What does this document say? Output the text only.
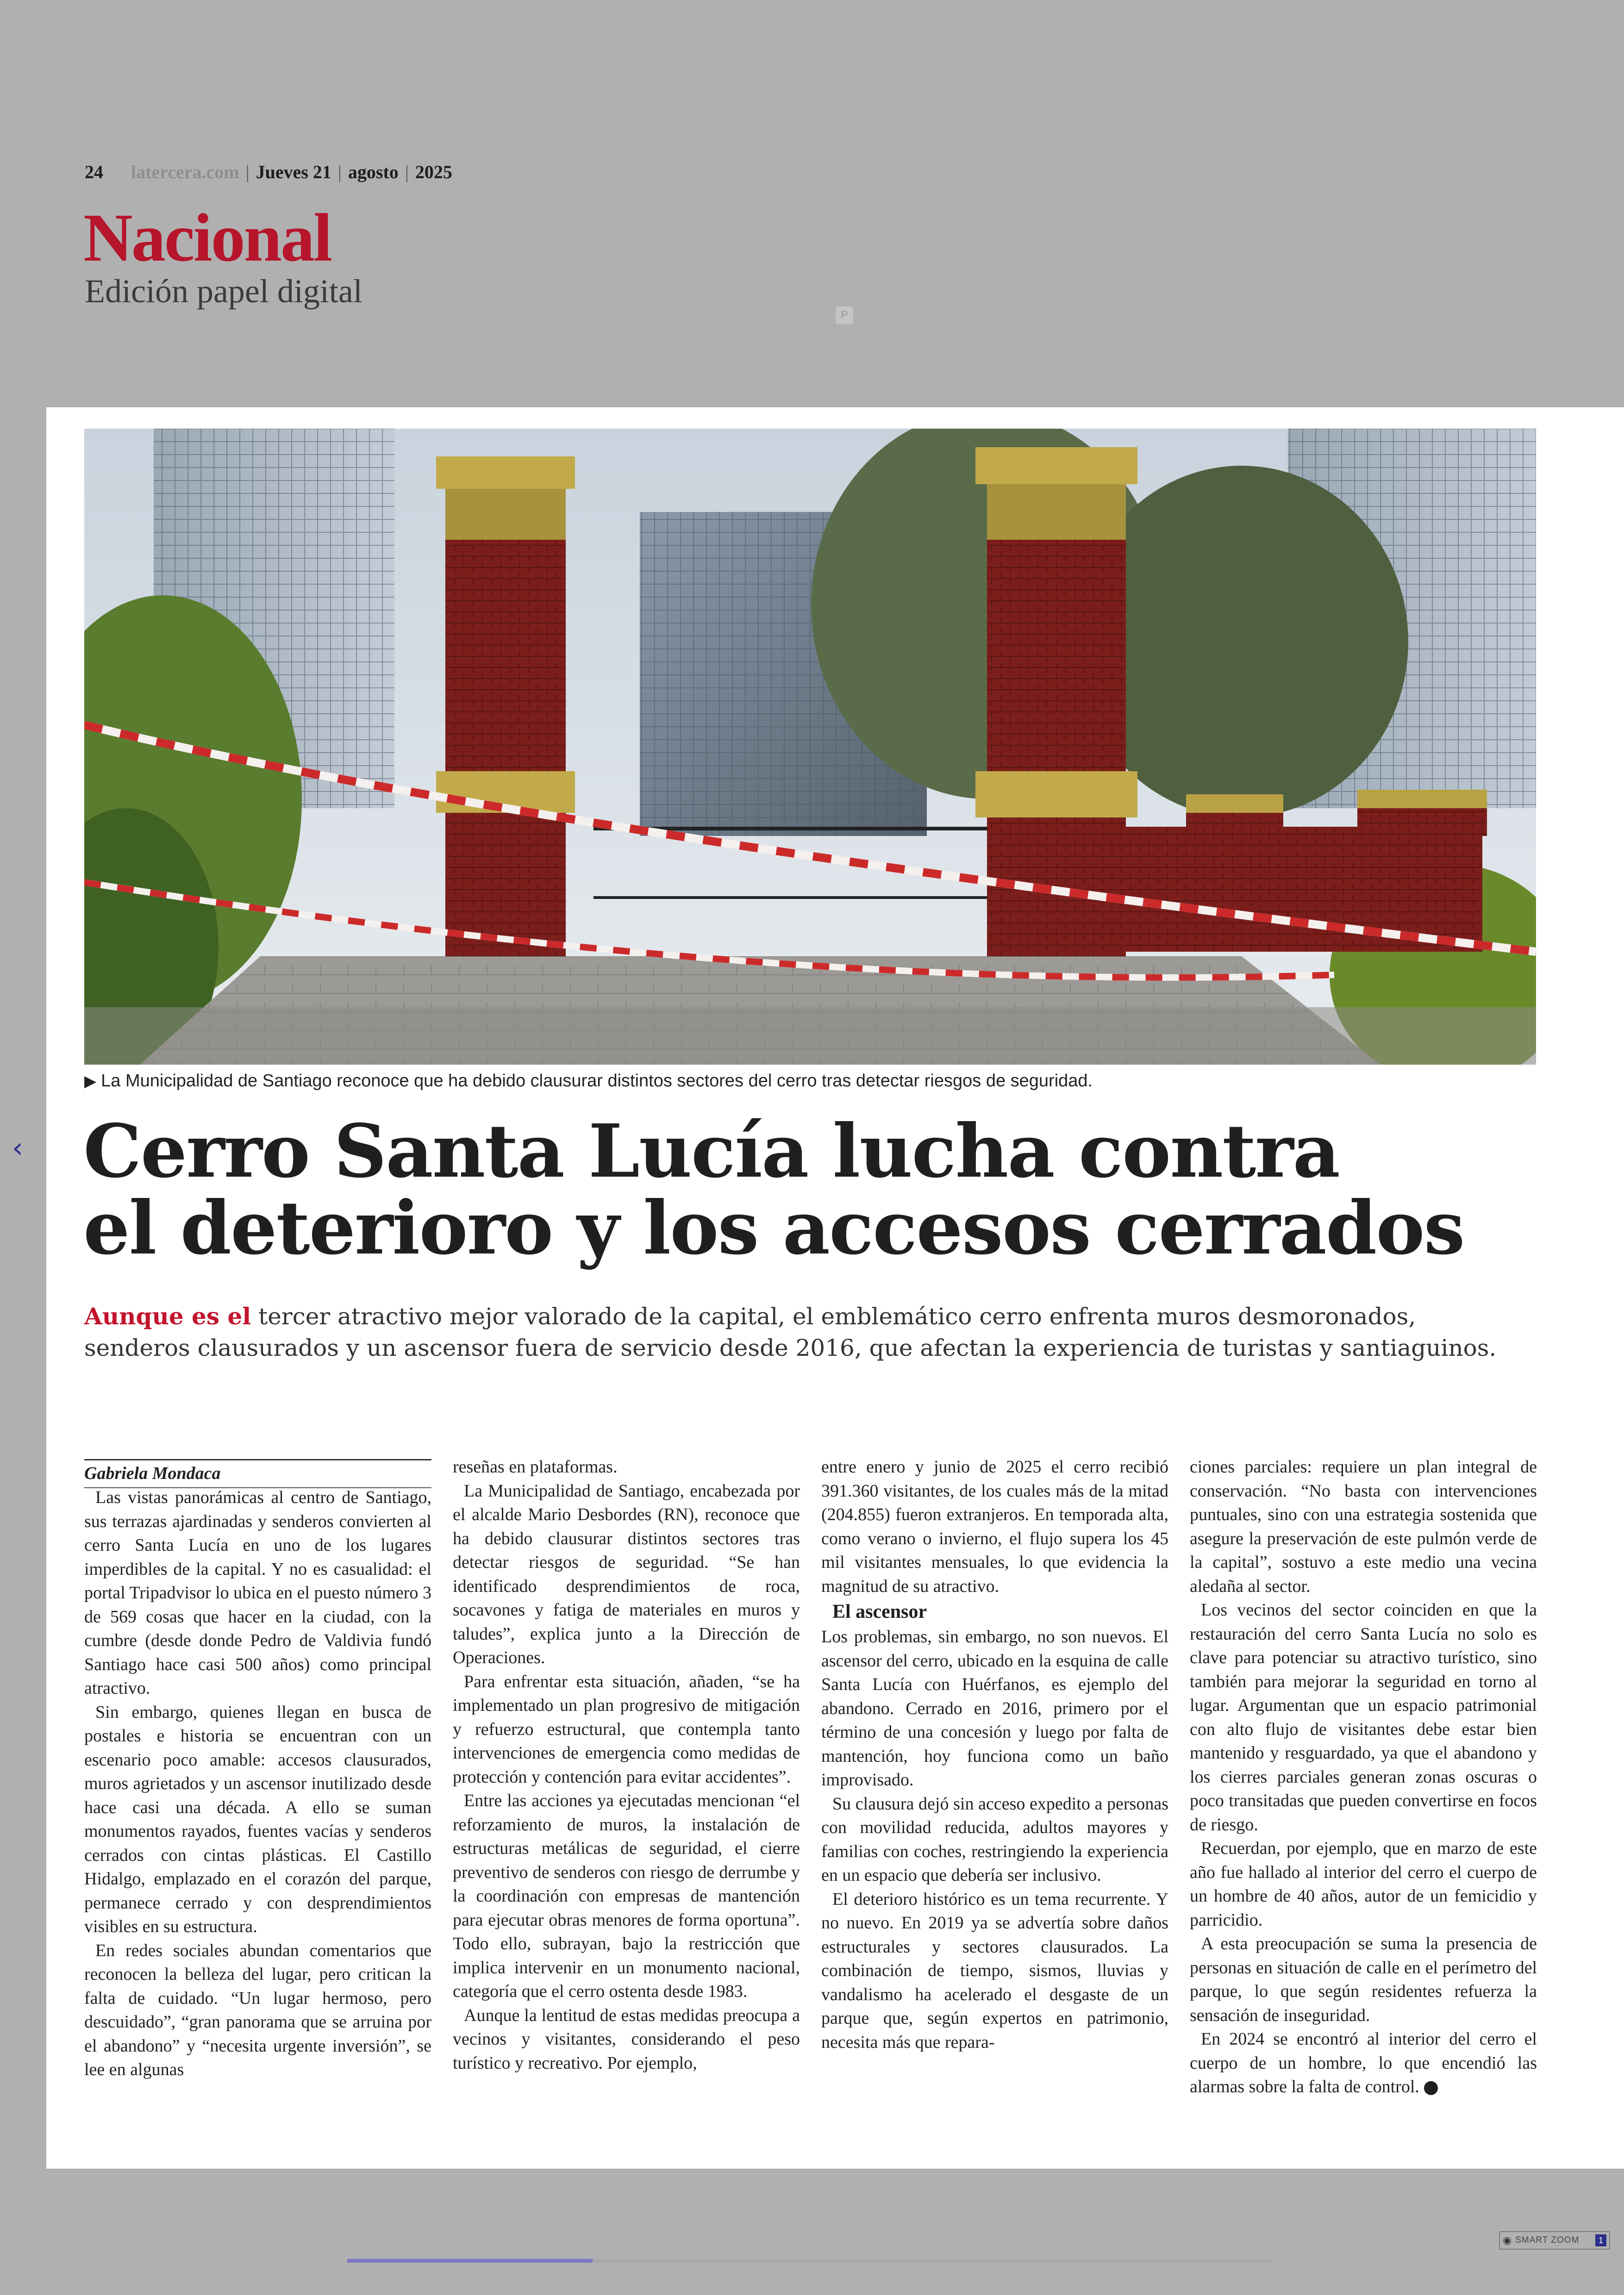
24 latercera.com | Jueves 21 | agosto | 2025
Nacional
Edición papel digital
P
‹
▶ La Municipalidad de Santiago reconoce que ha debido clausurar distintos sectores del cerro tras detectar riesgos de seguridad.
Cerro Santa Lucía lucha contra
el deterioro y los accesos cerrados
Aunque es el tercer atractivo mejor valorado de la capital, el emblemático cerro enfrenta muros desmoronados,
senderos clausurados y un ascensor fuera de servicio desde 2016, que afectan la experiencia de turistas y santiaguinos.
Gabriela Mondaca

Las vistas panorámicas al centro de Santiago, sus terrazas ajardinadas y senderos convierten al cerro Santa Lucía en uno de los lugares imperdibles de la capital. Y no es casualidad: el portal Tripadvisor lo ubica en el puesto número 3 de 569 cosas que hacer en la ciudad, con la cumbre (desde donde Pedro de Valdivia fundó Santiago hace casi 500 años) como principal atractivo.

Sin embargo, quienes llegan en busca de postales e historia se encuentran con un escenario poco amable: accesos clausurados, muros agrietados y un ascensor inutilizado desde hace casi una década. A ello se suman monumentos rayados, fuentes vacías y senderos cerrados con cintas plásticas. El Castillo Hidalgo, emplazado en el corazón del parque, permanece cerrado y con desprendimientos visibles en su estructura.

En redes sociales abundan comentarios que reconocen la belleza del lugar, pero critican la falta de cuidado. “Un lugar hermoso, pero descuidado”, “gran panorama que se arruina por el abandono” y “necesita urgente inversión”, se lee en algunas

reseñas en plataformas.

La Municipalidad de Santiago, encabezada por el alcalde Mario Desbordes (RN), reconoce que ha debido clausurar distintos sectores tras detectar riesgos de seguridad. “Se han identificado desprendimientos de roca, socavones y fatiga de materiales en muros y taludes”, explica junto a la Dirección de Operaciones.

Para enfrentar esta situación, añaden, “se ha implementado un plan progresivo de mitigación y refuerzo estructural, que contempla tanto intervenciones de emergencia como medidas de protección y contención para evitar accidentes”.

Entre las acciones ya ejecutadas mencionan “el reforzamiento de muros, la instalación de estructuras metálicas de seguridad, el cierre preventivo de senderos con riesgo de derrumbe y la coordinación con empresas de mantención para ejecutar obras menores de forma oportuna”. Todo ello, subrayan, bajo la restricción que implica intervenir en un monumento nacional, categoría que el cerro ostenta desde 1983.

Aunque la lentitud de estas medidas preocupa a vecinos y visitantes, considerando el peso turístico y recreativo. Por ejemplo,

entre enero y junio de 2025 el cerro recibió 391.360 visitantes, de los cuales más de la mitad (204.855) fueron extranjeros. En temporada alta, como verano o invierno, el flujo supera los 45 mil visitantes mensuales, lo que evidencia la magnitud de su atractivo.

El ascensor

Los problemas, sin embargo, no son nuevos. El ascensor del cerro, ubicado en la esquina de calle Santa Lucía con Huérfanos, es ejemplo del abandono. Cerrado en 2016, primero por el término de una concesión y luego por falta de mantención, hoy funciona como un baño improvisado.

Su clausura dejó sin acceso expedito a personas con movilidad reducida, adultos mayores y familias con coches, restringiendo la experiencia en un espacio que debería ser inclusivo.

El deterioro histórico es un tema recurrente. Y no nuevo. En 2019 ya se advertía sobre daños estructurales y sectores clausurados. La combinación de tiempo, sismos, lluvias y vandalismo ha acelerado el desgaste de un parque que, según expertos en patrimonio, necesita más que repara-

ciones parciales: requiere un plan integral de conservación. “No basta con intervenciones puntuales, sino con una estrategia sostenida que asegure la preservación de este pulmón verde de la capital”, sostuvo a este medio una vecina aledaña al sector.

Los vecinos del sector coinciden en que la restauración del cerro Santa Lucía no solo es clave para potenciar su atractivo turístico, sino también para mejorar la seguridad en torno al lugar. Argumentan que un espacio patrimonial con alto flujo de visitantes debe estar bien mantenido y resguardado, ya que el abandono y los cierres parciales generan zonas oscuras o poco transitadas que pueden convertirse en focos de riesgo.

Recuerdan, por ejemplo, que en marzo de este año fue hallado al interior del cerro el cuerpo de un hombre de 40 años, autor de un femicidio y parricidio.

A esta preocupación se suma la presencia de personas en situación de calle en el perímetro del parque, lo que según residentes refuerza la sensación de inseguridad.

En 2024 se encontró al interior del cerro el cuerpo de un hombre, lo que encendió las alarmas sobre la falta de control.

◉ SMART ZOOM	1
